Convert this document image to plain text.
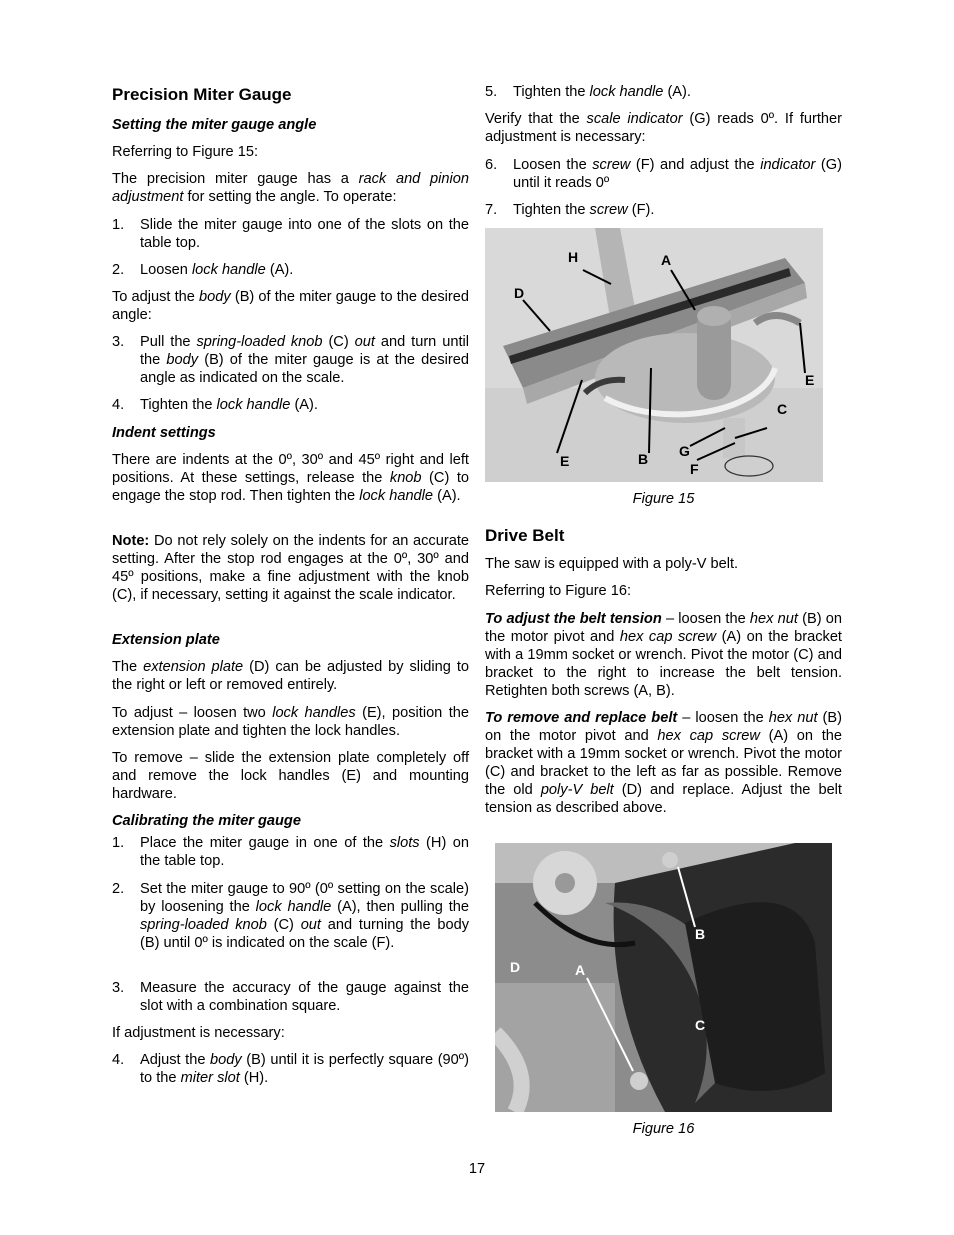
Precision Miter Gauge
Setting the miter gauge angle

Referring to Figure 15:

The precision miter gauge has a rack and pinion adjustment for setting the angle. To operate:

1. Slide the miter gauge into one of the slots on the table top.
2. Loosen lock handle (A).

To adjust the body (B) of the miter gauge to the desired angle:

3. Pull the spring-loaded knob (C) out and turn until the body (B) of the miter gauge is at the desired angle as indicated on the scale.
4. Tighten the lock handle (A).
Indent settings

There are indents at the 0º, 30º and 45º right and left positions. At these settings, release the knob (C) to engage the stop rod. Then tighten the lock handle (A).

Note: Do not rely solely on the indents for an accurate setting. After the stop rod engages at the 0º, 30º and 45º positions, make a fine adjustment with the knob (C), if necessary, setting it against the scale indicator.

Extension plate

The extension plate (D) can be adjusted by sliding to the right or left or removed entirely.

To adjust – loosen two lock handles (E), position the extension plate and tighten the lock handles.

To remove – slide the extension plate completely off and remove the lock handles (E) and mounting hardware.

Calibrating the miter gauge
1. Place the miter gauge in one of the slots (H) on the table top.
2. Set the miter gauge to 90º (0º setting on the scale) by loosening the lock handle (A), then pulling the spring-loaded knob (C) out and turning the body (B) until 0º is indicated on the scale (F).
3. Measure the accuracy of the gauge against the slot with a combination square.

If adjustment is necessary:

4. Adjust the body (B) until it is perfectly square (90º) to the miter slot (H).
5. Tighten the lock handle (A).

Verify that the scale indicator (G) reads 0º. If further adjustment is necessary:

6. Loosen the screw (F) and adjust the indicator (G) until it reads 0º
7. Tighten the screw (F).
H	A
D
E
C
E	B G
F
Figure 15
Drive Belt

The saw is equipped with a poly-V belt.

Referring to Figure 16:

To adjust the belt tension – loosen the hex nut (B) on the motor pivot and hex cap screw (A) on the bracket with a 19mm socket or wrench. Pivot the motor (C) and bracket to the right to increase the belt tension. Retighten both screws (A, B).

To remove and replace belt – loosen the hex nut (B) on the motor pivot and hex cap screw (A) on the bracket with a 19mm socket or wrench. Pivot the motor (C) and bracket to the left as far as possible. Remove the old poly-V belt (D) and replace. Adjust the belt tension as described above.

B
D	A
C
Figure 16
17
